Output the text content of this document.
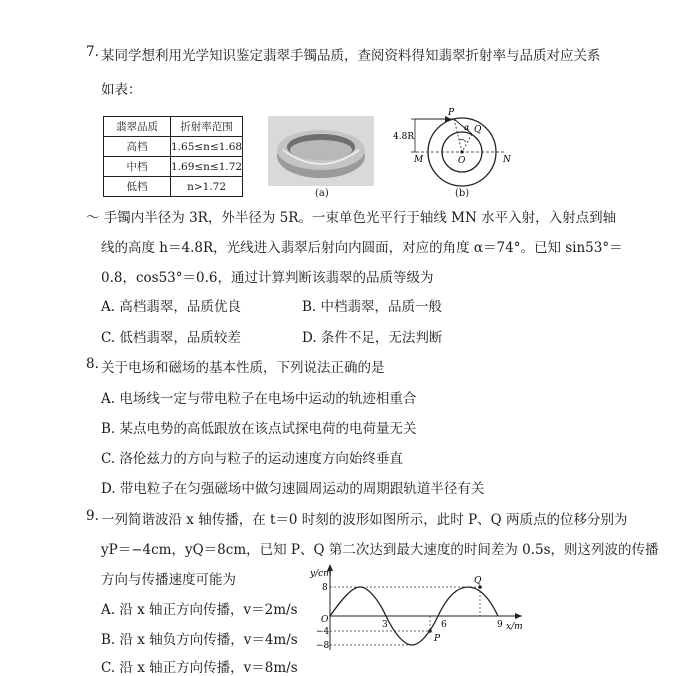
7. 某同学想利用光学知识鉴定翡翠手镯品质，查阅资料得知翡翠折射率与品质对应关系
如表：
翡翠品质	折射率范围
高档	1.65≤n≤1.68
中档	1.69≤n≤1.72
低档	n>1.72
(a)
4.8R
P
Q
α
M	O	N
(b)
～ 手镯内半径为 3R，外半径为 5R。一束单色光平行于轴线 MN 水平入射，入射点到轴
线的高度 h＝4.8R，光线进入翡翠后射向内圆面，对应的角度 α＝74°。已知 sin53°＝
0.8，cos53°＝0.6，通过计算判断该翡翠的品质等级为
A. 高档翡翠，品质优良	B. 中档翡翠，品质一般
C. 低档翡翠，品质较差	D. 条件不足，无法判断
8. 关于电场和磁场的基本性质，下列说法正确的是
A. 电场线一定与带电粒子在电场中运动的轨迹相重合
B. 某点电势的高低跟放在该点试探电荷的电荷量无关
C. 洛伦兹力的方向与粒子的运动速度方向始终垂直
D. 带电粒子在匀强磁场中做匀速圆周运动的周期跟轨道半径有关
9. 一列简谐波沿 x 轴传播，在 t＝0 时刻的波形如图所示，此时 P、Q 两质点的位移分别为
yP＝−4cm，yQ＝8cm，已知 P、Q 第二次达到最大速度的时间差为 0.5s，则这列波的传播
方向与传播速度可能为
A. 沿 x 轴正方向传播，v＝2m/s
B. 沿 x 轴负方向传播，v＝4m/s
C. 沿 x 轴正方向传播，v＝8m/s
y/cm
x/m
O
8
−4
−8
3	6	9
P
Q
